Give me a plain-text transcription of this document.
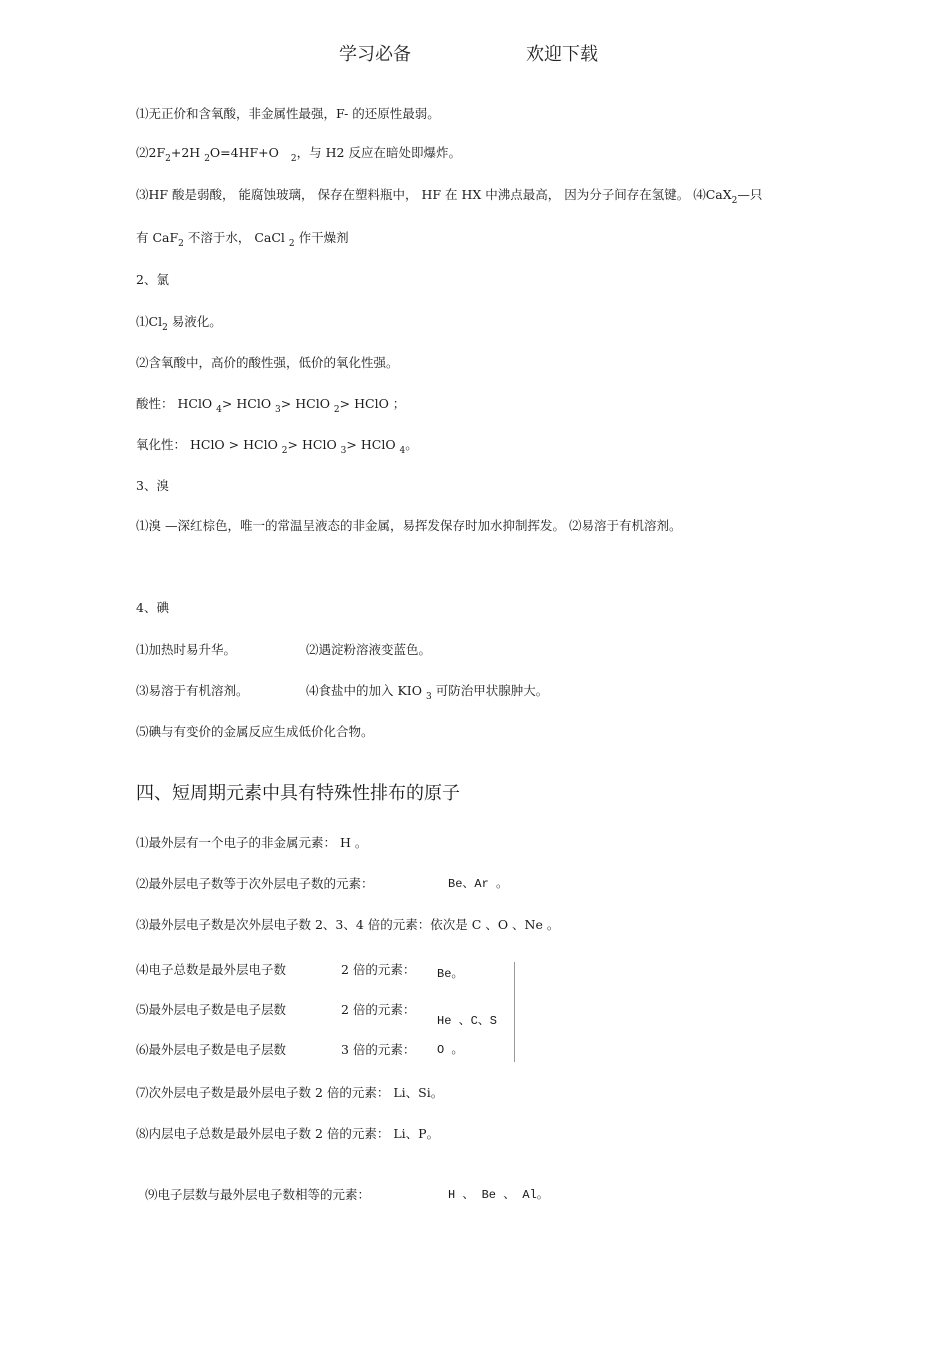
学习必备	欢迎下载
⑴无正价和含氧酸，非金属性最强，F- 的还原性最弱。
$⑵2F_2+2H$ $_2$O=4HF+O $_2$，与 H2 反应在暗处即爆炸。
⑶HF 酸是弱酸， 能腐蚀玻璃， 保存在塑料瓶中， HF 在 HX 中沸点最高， 因为分子间存在氢键。 ⑷CaX$_2$—只
有 CaF$_2$ 不溶于水， CaCl $_2$ 作干燥剂
2、氯
$⑴Cl_2$ 易液化。
⑵含氧酸中，高价的酸性强，低价的氧化性强。
酸性： HClO $_4$> HClO $_3$> HClO $_2$> HClO ；
氧化性： HClO > HClO $_2$> HClO $_3$> HClO $_4$。
3、溴
⑴溴 —深红棕色，唯一的常温呈液态的非金属，易挥发保存时加水抑制挥发。 ⑵易溶于有机溶剂。
4、碘
⑴加热时易升华。	⑵遇淀粉溶液变蓝色。
⑶易溶于有机溶剂。	⑷食盐中的加入 KIO $_3$ 可防治甲状腺肿大。
⑸碘与有变价的金属反应生成低价化合物。
四、短周期元素中具有特殊性排布的原子
⑴最外层有一个电子的非金属元素： H 。
⑵最外层电子数等于次外层电子数的元素：	Be、Ar 。
⑶最外层电子数是次外层电子数 2、3、4 倍的元素：依次是 C 、O 、Ne 。
⑷电子总数是最外层电子数	2 倍的元素： Be。
⑸最外层电子数是电子层数	2 倍的元素：
He 、C、S
⑹最外层电子数是电子层数	3 倍的元素： O 。
⑺次外层电子数是最外层电子数 2 倍的元素： Li、Si。
⑻内层电子总数是最外层电子数 2 倍的元素： Li、P。
⑼电子层数与最外层电子数相等的元素：	H 、 Be 、 Al。
